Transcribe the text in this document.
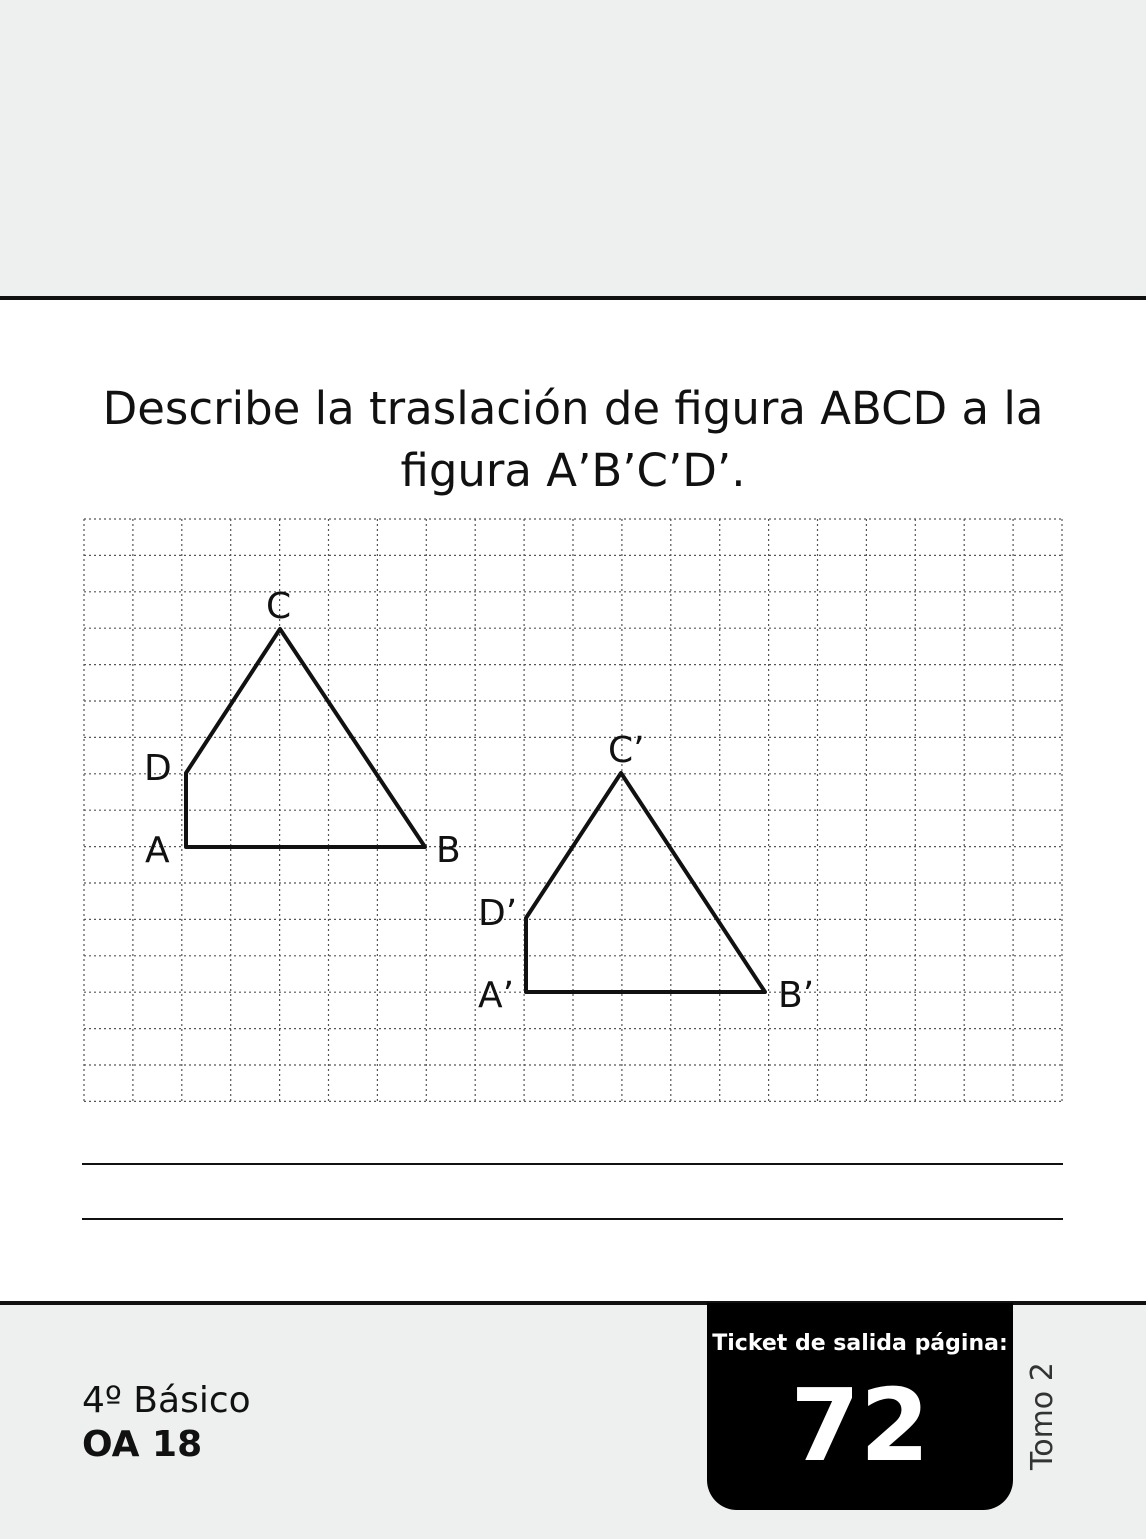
Describe la traslación de figura ABCD a la
figura A’B’C’D’.
A	B
C
D
A’	B’
C’
D’
4º Básico
OA 18
Ticket de salida página:
72	Tomo 2
